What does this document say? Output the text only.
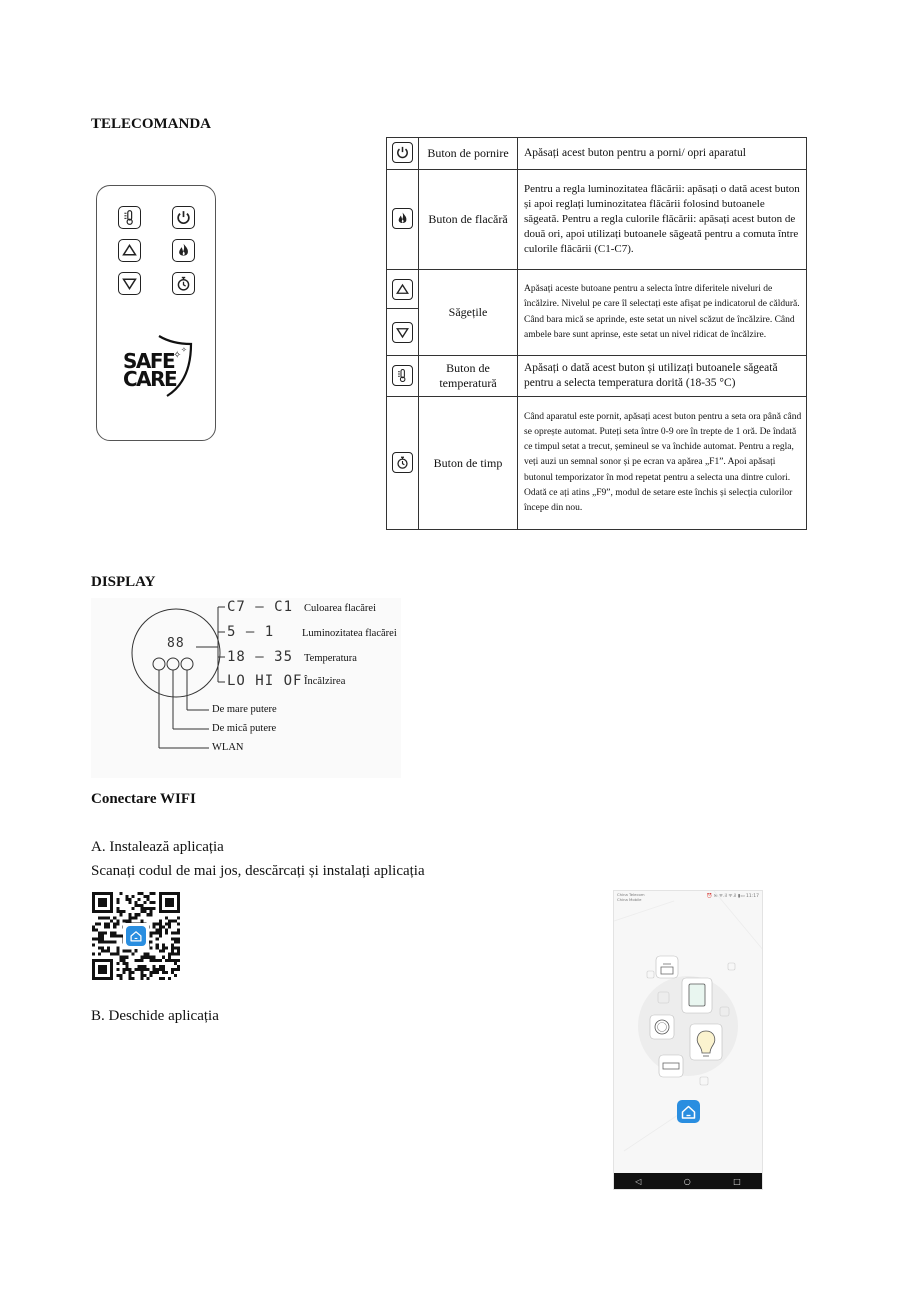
TELECOMANDA
✧ ✧
SAFE CARE
	Buton de pornire	Apăsați acest buton pentru a porni/ opri aparatul

	Buton de flacără	Pentru a regla luminozitatea flăcării: apăsați o dată acest buton și apoi reglați luminozitatea flăcării folosind butoanele săgeată. Pentru a regla culorile flăcării: apăsați acest buton de două ori, apoi utilizați butoanele săgeată pentru a comuta între culorile flăcării (C1-C7).

	Săgețile	Apăsați aceste butoane pentru a selecta între diferitele niveluri de încălzire. Nivelul pe care îl selectați este afișat pe indicatorul de căldură. Când bara mică se aprinde, este setat un nivel scăzut de încălzire. Când ambele bare sunt aprinse, este setat un nivel ridicat de încălzire.

	Buton de temperatură	Apăsați o dată acest buton și utilizați butoanele săgeată pentru a selecta temperatura dorită (18-35 °C)

	Buton de timp	Când aparatul este pornit, apăsați acest buton pentru a seta ora până când se oprește automat. Puteți seta între 0-9 ore în trepte de 1 oră. De îndată ce timpul setat a trecut, șemineul se va închide automat. Pentru a regla, veți auzi un semnal sonor și pe ecran va apărea „F1”. Apoi apăsați butonul temporizator în mod repetat pentru a selecta una dintre culori. Odată ce ați atins „F9”, modul de setare este închis și selecția culorilor începe din nou.
DISPLAY
88
C7 — C1 Culoarea flacărei
5 — 1	Luminozitatea flacărei
18 — 35 Temperatura
LO HI OF Încălzirea
De mare putere
De mică putere
WLAN
Conectare WIFI
A. Instalează aplicația
Scanați codul de mai jos, descărcați și instalați aplicația
B. Deschide aplicația
China Telecom
China Mobile	⏰ ✉ ᯤ.il ᯤ.il ▮▭ 11:17
◁	○	□
